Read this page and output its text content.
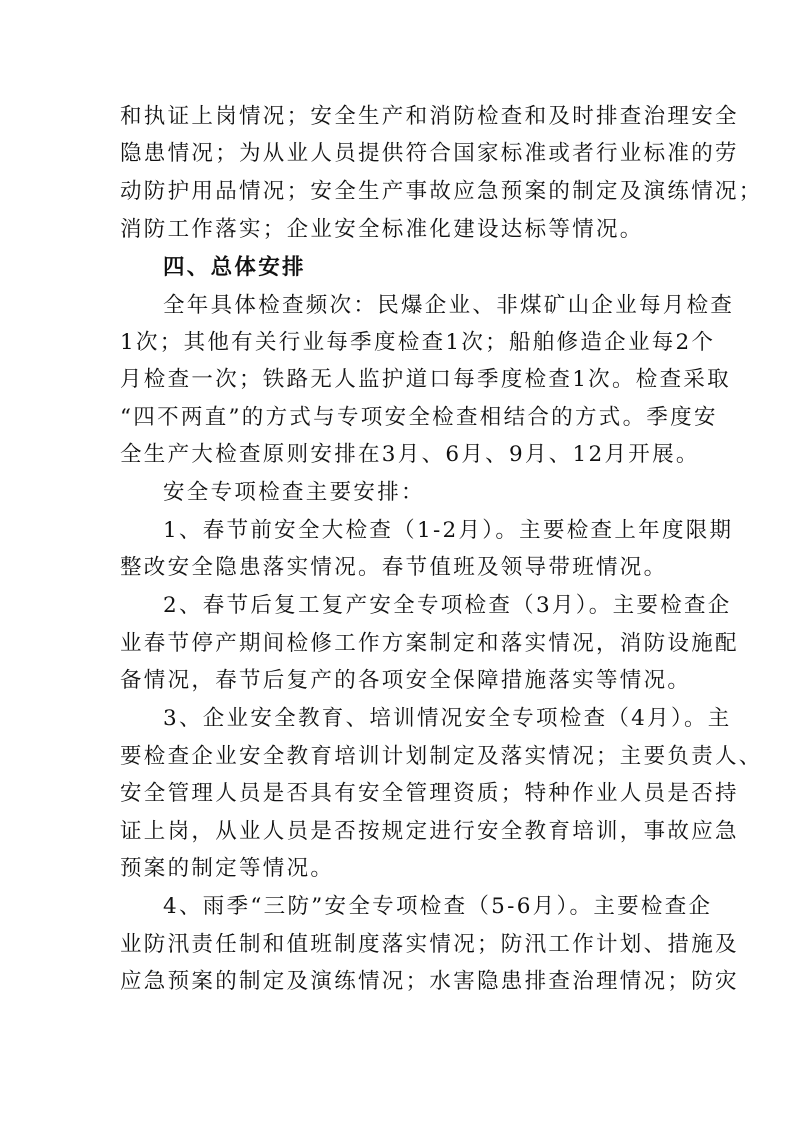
和执证上岗情况；安全生产和消防检查和及时排查治理安全
隐患情况；为从业人员提供符合国家标准或者行业标准的劳
动防护用品情况；安全生产事故应急预案的制定及演练情况；
消防工作落实；企业安全标准化建设达标等情况。
四、总体安排
全年具体检查频次：民爆企业、非煤矿山企业每月检查
1次；其他有关行业每季度检查1次；船舶修造企业每2个
月检查一次；铁路无人监护道口每季度检查1次。检查采取
“四不两直”的方式与专项安全检查相结合的方式。季度安
全生产大检查原则安排在3月、6月、9月、12月开展。
安全专项检查主要安排：
1、春节前安全大检查（1-2月）。主要检查上年度限期
整改安全隐患落实情况。春节值班及领导带班情况。
2、春节后复工复产安全专项检查（3月）。主要检查企
业春节停产期间检修工作方案制定和落实情况，消防设施配
备情况，春节后复产的各项安全保障措施落实等情况。
3、企业安全教育、培训情况安全专项检查（4月）。主
要检查企业安全教育培训计划制定及落实情况；主要负责人、
安全管理人员是否具有安全管理资质；特种作业人员是否持
证上岗，从业人员是否按规定进行安全教育培训，事故应急
预案的制定等情况。
4、雨季“三防”安全专项检查（5-6月）。主要检查企
业防汛责任制和值班制度落实情况；防汛工作计划、措施及
应急预案的制定及演练情况；水害隐患排查治理情况；防灾
